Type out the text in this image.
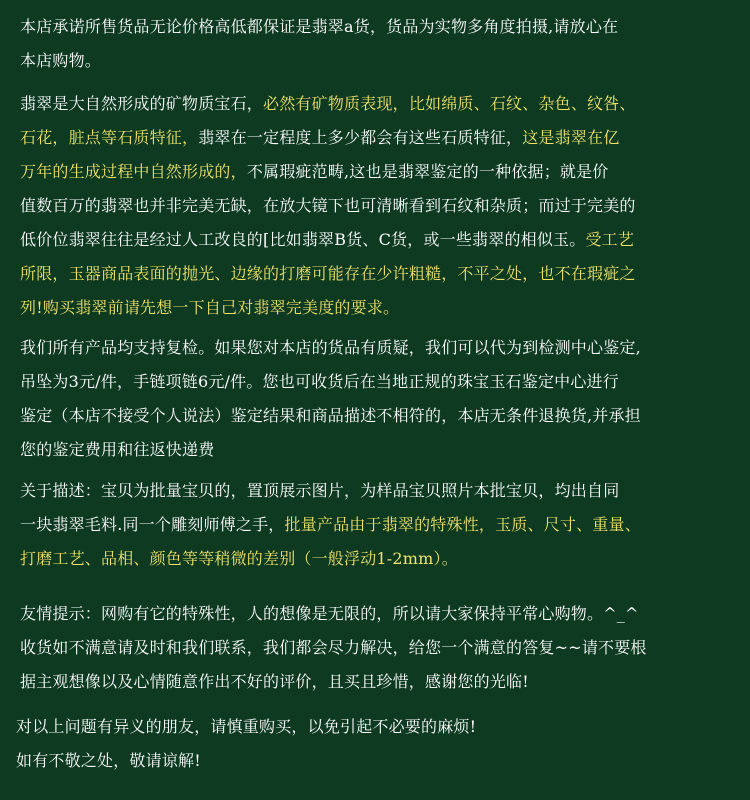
本店承诺所售货品无论价格高低都保证是翡翠a货，货品为实物多角度拍摄,请放心在
本店购物。
翡翠是大自然形成的矿物质宝石，必然有矿物质表现，比如绵质、石纹、杂色、纹咎、
石花，脏点等石质特征，翡翠在一定程度上多少都会有这些石质特征，这是翡翠在亿
万年的生成过程中自然形成的，不属瑕疵范畴,这也是翡翠鉴定的一种依据；就是价
值数百万的翡翠也并非完美无缺，在放大镜下也可清晰看到石纹和杂质；而过于完美的
低价位翡翠往往是经过人工改良的[比如翡翠B货、C货，或一些翡翠的相似玉。受工艺
所限，玉器商品表面的抛光、边缘的打磨可能存在少许粗糙，不平之处，也不在瑕疵之
列!购买翡翠前请先想一下自己对翡翠完美度的要求。
我们所有产品均支持复检。如果您对本店的货品有质疑，我们可以代为到检测中心鉴定,
吊坠为3元/件，手链项链6元/件。您也可收货后在当地正规的珠宝玉石鉴定中心进行
鉴定（本店不接受个人说法）鉴定结果和商品描述不相符的，本店无条件退换货,并承担
您的鉴定费用和往返快递费
关于描述：宝贝为批量宝贝的，置顶展示图片，为样品宝贝照片本批宝贝，均出自同
一块翡翠毛料.同一个雕刻师傅之手，批量产品由于翡翠的特殊性，玉质、尺寸、重量、
打磨工艺、品相、颜色等等稍微的差别（一般浮动1-2mm）。
友情提示：网购有它的特殊性，人的想像是无限的，所以请大家保持平常心购物。^_^
收货如不满意请及时和我们联系，我们都会尽力解决，给您一个满意的答复~~请不要根
据主观想像以及心情随意作出不好的评价，且买且珍惜，感谢您的光临!
对以上问题有异义的朋友，请慎重购买，以免引起不必要的麻烦!
如有不敬之处，敬请谅解!
